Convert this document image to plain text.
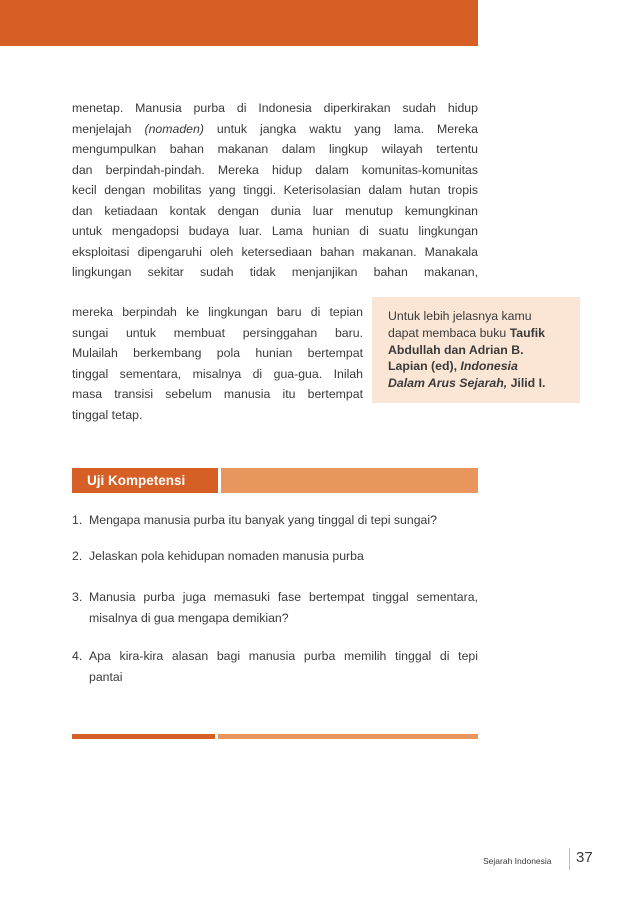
menetap. Manusia purba di Indonesia diperkirakan sudah hidup
menjelajah (nomaden) untuk jangka waktu yang lama. Mereka
mengumpulkan bahan makanan dalam lingkup wilayah tertentu
dan berpindah-pindah. Mereka hidup dalam komunitas-komunitas
kecil dengan mobilitas yang tinggi. Keterisolasian dalam hutan tropis
dan ketiadaan kontak dengan dunia luar menutup kemungkinan
untuk mengadopsi budaya luar. Lama hunian di suatu lingkungan
eksploitasi dipengaruhi oleh ketersediaan bahan makanan. Manakala
lingkungan sekitar sudah tidak menjanjikan bahan makanan,

mereka berpindah ke lingkungan baru di tepian
sungai untuk membuat persinggahan baru.
Mulailah berkembang pola hunian bertempat
tinggal sementara, misalnya di gua-gua. Inilah
masa transisi sebelum manusia itu bertempat
tinggal tetap.

Untuk lebih jelasnya kamu
dapat membaca buku Taufik
Abdullah dan Adrian B.
Lapian (ed), Indonesia
Dalam Arus Sejarah, Jilid I.
Uji Kompetensi
1. Mengapa manusia purba itu banyak yang tinggal di tepi sungai?
2. Jelaskan pola kehidupan nomaden manusia purba
3. Manusia purba juga memasuki fase bertempat tinggal sementara,
misalnya di gua mengapa demikian?
4. Apa kira-kira alasan bagi manusia purba memilih tinggal di tepi
pantai
Sejarah Indonesia 37
